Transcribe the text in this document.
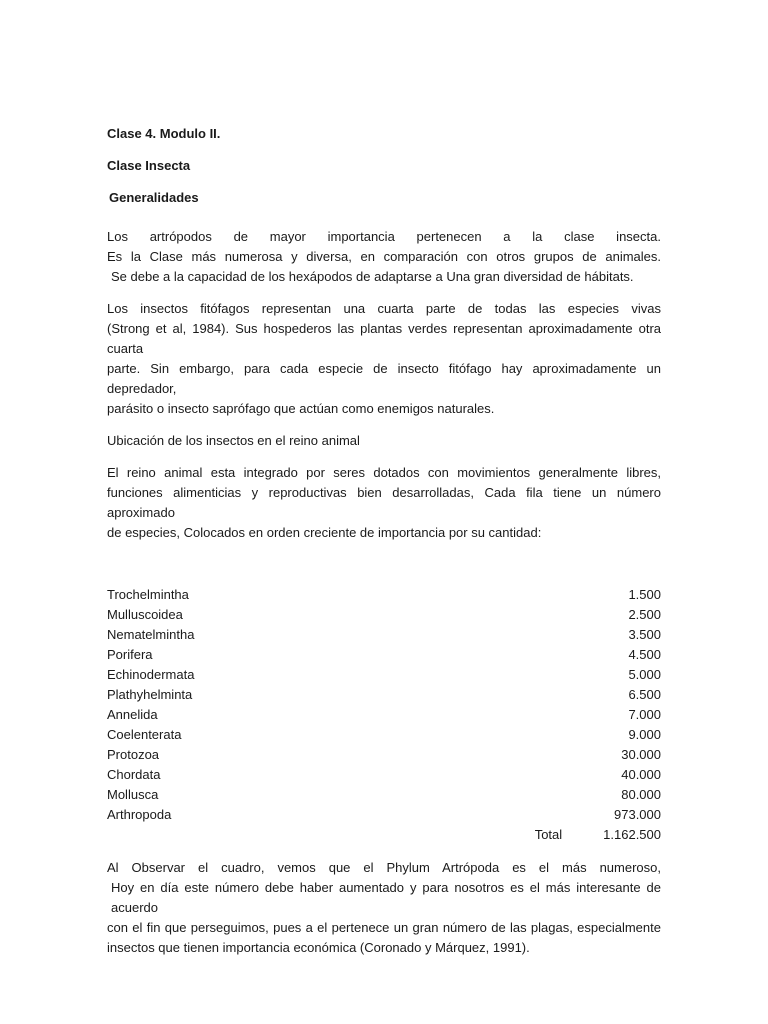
Clase 4. Modulo II.

Clase Insecta

Generalidades

Los artrópodos de mayor importancia pertenecen a la clase insecta.
Es la Clase más numerosa y diversa, en comparación con otros grupos de animales.
Se debe a la capacidad de los hexápodos de adaptarse a Una gran diversidad de hábitats.
Los insectos fitófagos representan una cuarta parte de todas las especies vivas
(Strong et al, 1984). Sus hospederos las plantas verdes representan aproximadamente otra cuarta
parte. Sin embargo, para cada especie de insecto fitófago hay aproximadamente un depredador,
parásito o insecto saprófago que actúan como enemigos naturales.

Ubicación de los insectos en el reino animal

El reino animal esta integrado por seres dotados con movimientos generalmente libres,
funciones alimenticias y reproductivas bien desarrolladas, Cada fila tiene un número aproximado
de especies, Colocados en orden creciente de importancia por su cantidad:
Trochelmintha	1.500
Mulluscoidea	2.500
Nematelmintha	3.500
Porifera	4.500
Echinodermata	5.000
Plathyhelminta	6.500
Annelida	7.000
Coelenterata	9.000
Protozoa	30.000
Chordata	40.000
Mollusca	80.000
Arthropoda	973.000
Total	1.162.500
Al Observar el cuadro, vemos que el Phylum Artrópoda es el más numeroso,
Hoy en día este número debe haber aumentado y para nosotros es el más interesante de acuerdo
con el fin que perseguimos, pues a el pertenece un gran número de las plagas, especialmente
insectos que tienen importancia económica (Coronado y Márquez, 1991).
